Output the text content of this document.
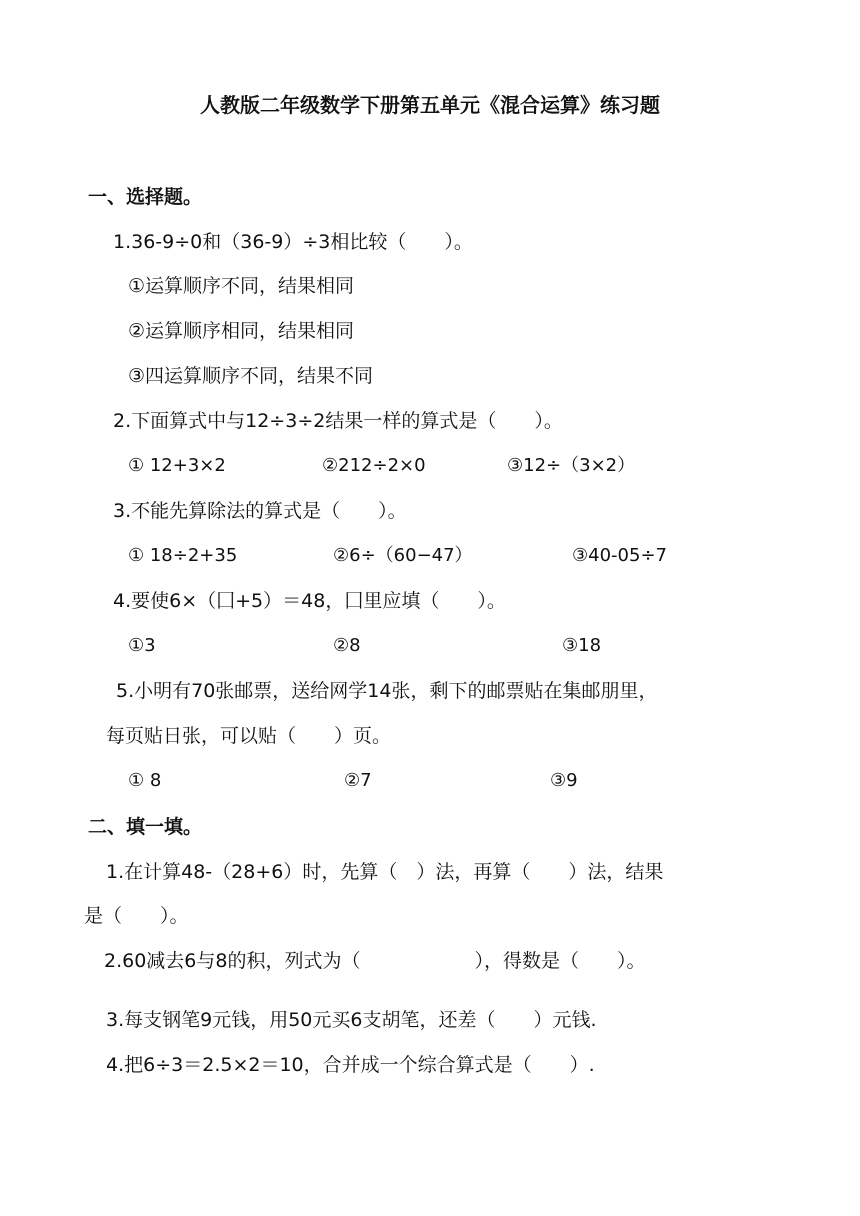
人教版二年级数学下册第五单元《混合运算》练习题
一、选择题。
1.36-9÷0和（36-9）÷3相比较（　　）。
①运算顺序不同，结果相同
②运算顺序相同，结果相同
③四运算顺序不同，结果不同
2.下面算式中与12÷3÷2结果一样的算式是（　　）。
① 12+3×2	②212÷2×0	③12÷（3×2）
3.不能先算除法的算式是（　　）。
① 18÷2+35	②6÷（60−47）	③40-05÷7
4.要使6×（囗+5）＝48，囗里应填（　　）。
①3	②8	③18
5.小明有70张邮票，送给网学14张，剩下的邮票贴在集邮朋里，
每页贴日张，可以贴（　　）页。
① 8	②7	③9
二、填一填。
1.在计算48-（28+6）时，先算（　）法，再算（　　）法，结果
是（　　）。
2.60减去6与8的积，列式为（　　　　　　），得数是（　　）。
3.每支钢笔9元钱，用50元买6支胡笔，还差（　　）元钱.
4.把6÷3＝2.5×2＝10，合并成一个综合算式是（　　）.
